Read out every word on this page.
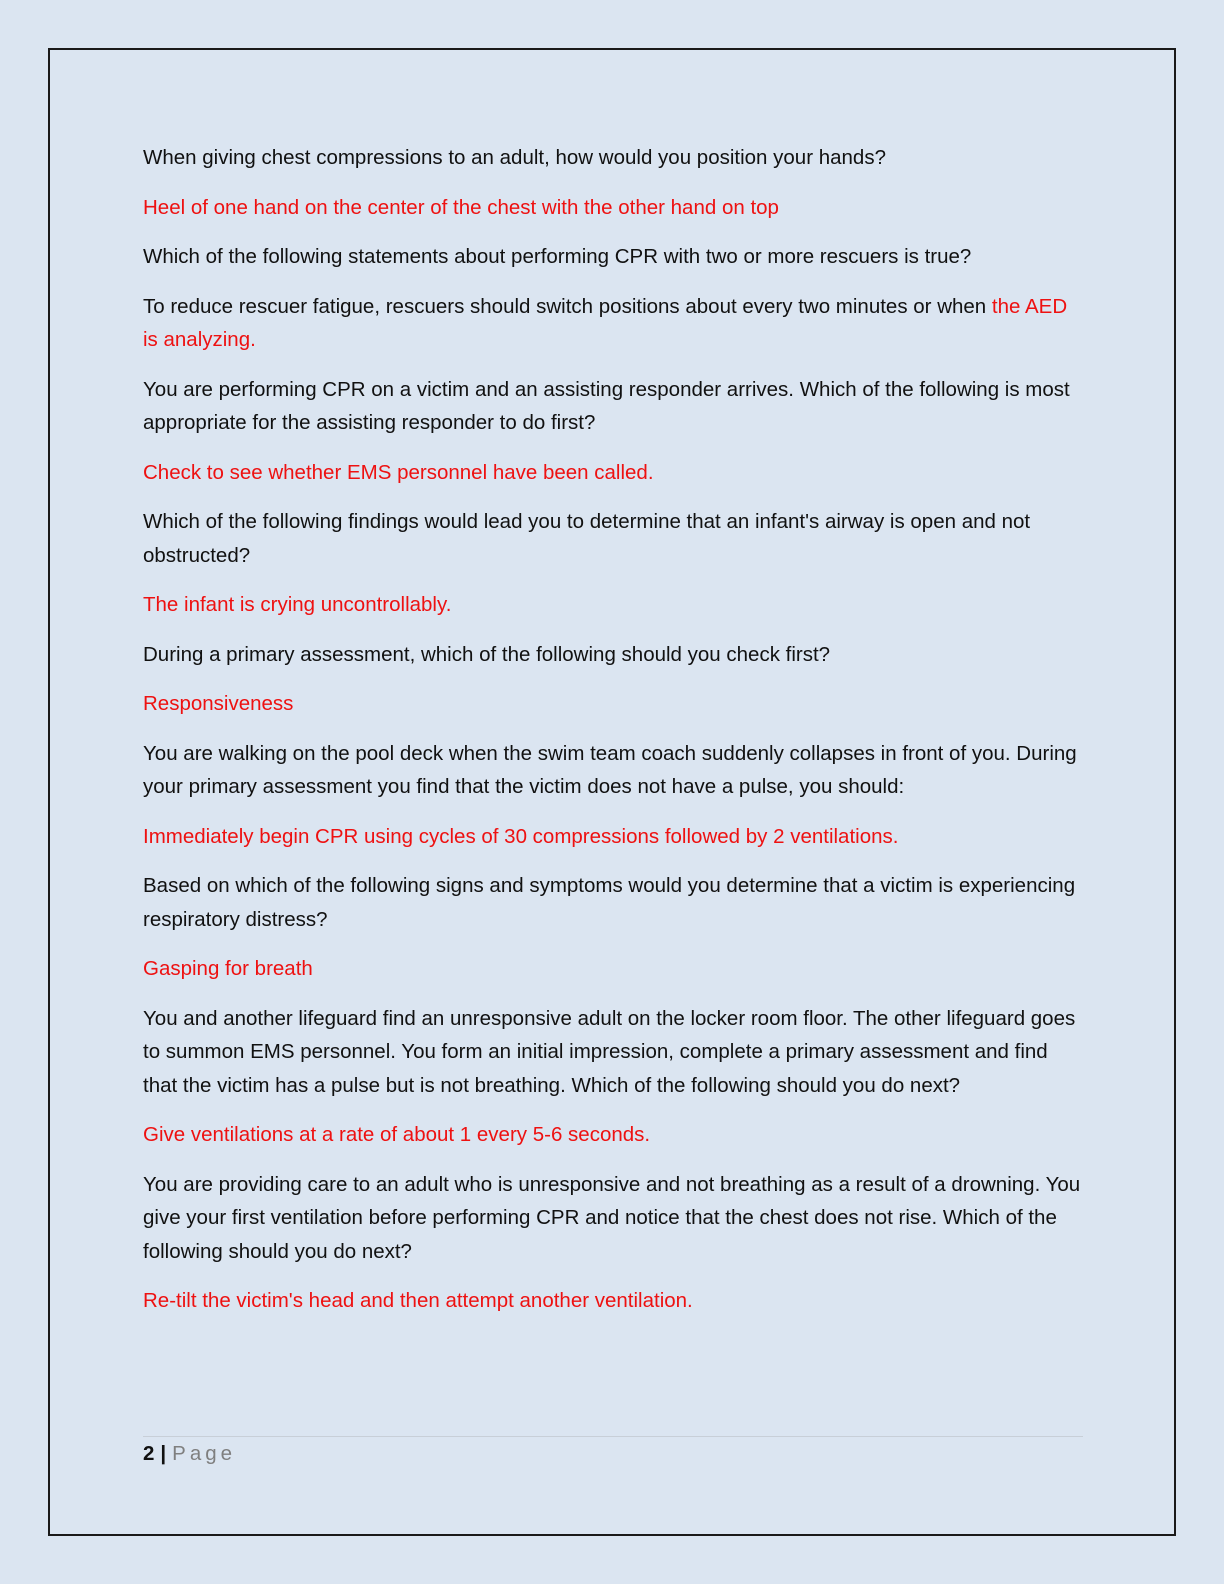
When giving chest compressions to an adult, how would you position your hands?

Heel of one hand on the center of the chest with the other hand on top

Which of the following statements about performing CPR with two or more rescuers is true?

To reduce rescuer fatigue, rescuers should switch positions about every two minutes or when the AED is analyzing.

You are performing CPR on a victim and an assisting responder arrives. Which of the following is most appropriate for the assisting responder to do first?

Check to see whether EMS personnel have been called.

Which of the following findings would lead you to determine that an infant's airway is open and not obstructed?

The infant is crying uncontrollably.

During a primary assessment, which of the following should you check first?

Responsiveness

You are walking on the pool deck when the swim team coach suddenly collapses in front of you. During your primary assessment you find that the victim does not have a pulse, you should:

Immediately begin CPR using cycles of 30 compressions followed by 2 ventilations.

Based on which of the following signs and symptoms would you determine that a victim is experiencing respiratory distress?

Gasping for breath

You and another lifeguard find an unresponsive adult on the locker room floor. The other lifeguard goes to summon EMS personnel. You form an initial impression, complete a primary assessment and find that the victim has a pulse but is not breathing. Which of the following should you do next?

Give ventilations at a rate of about 1 every 5-6 seconds.

You are providing care to an adult who is unresponsive and not breathing as a result of a drowning. You give your first ventilation before performing CPR and notice that the chest does not rise. Which of the following should you do next?

Re-tilt the victim's head and then attempt another ventilation.

2 | Page
